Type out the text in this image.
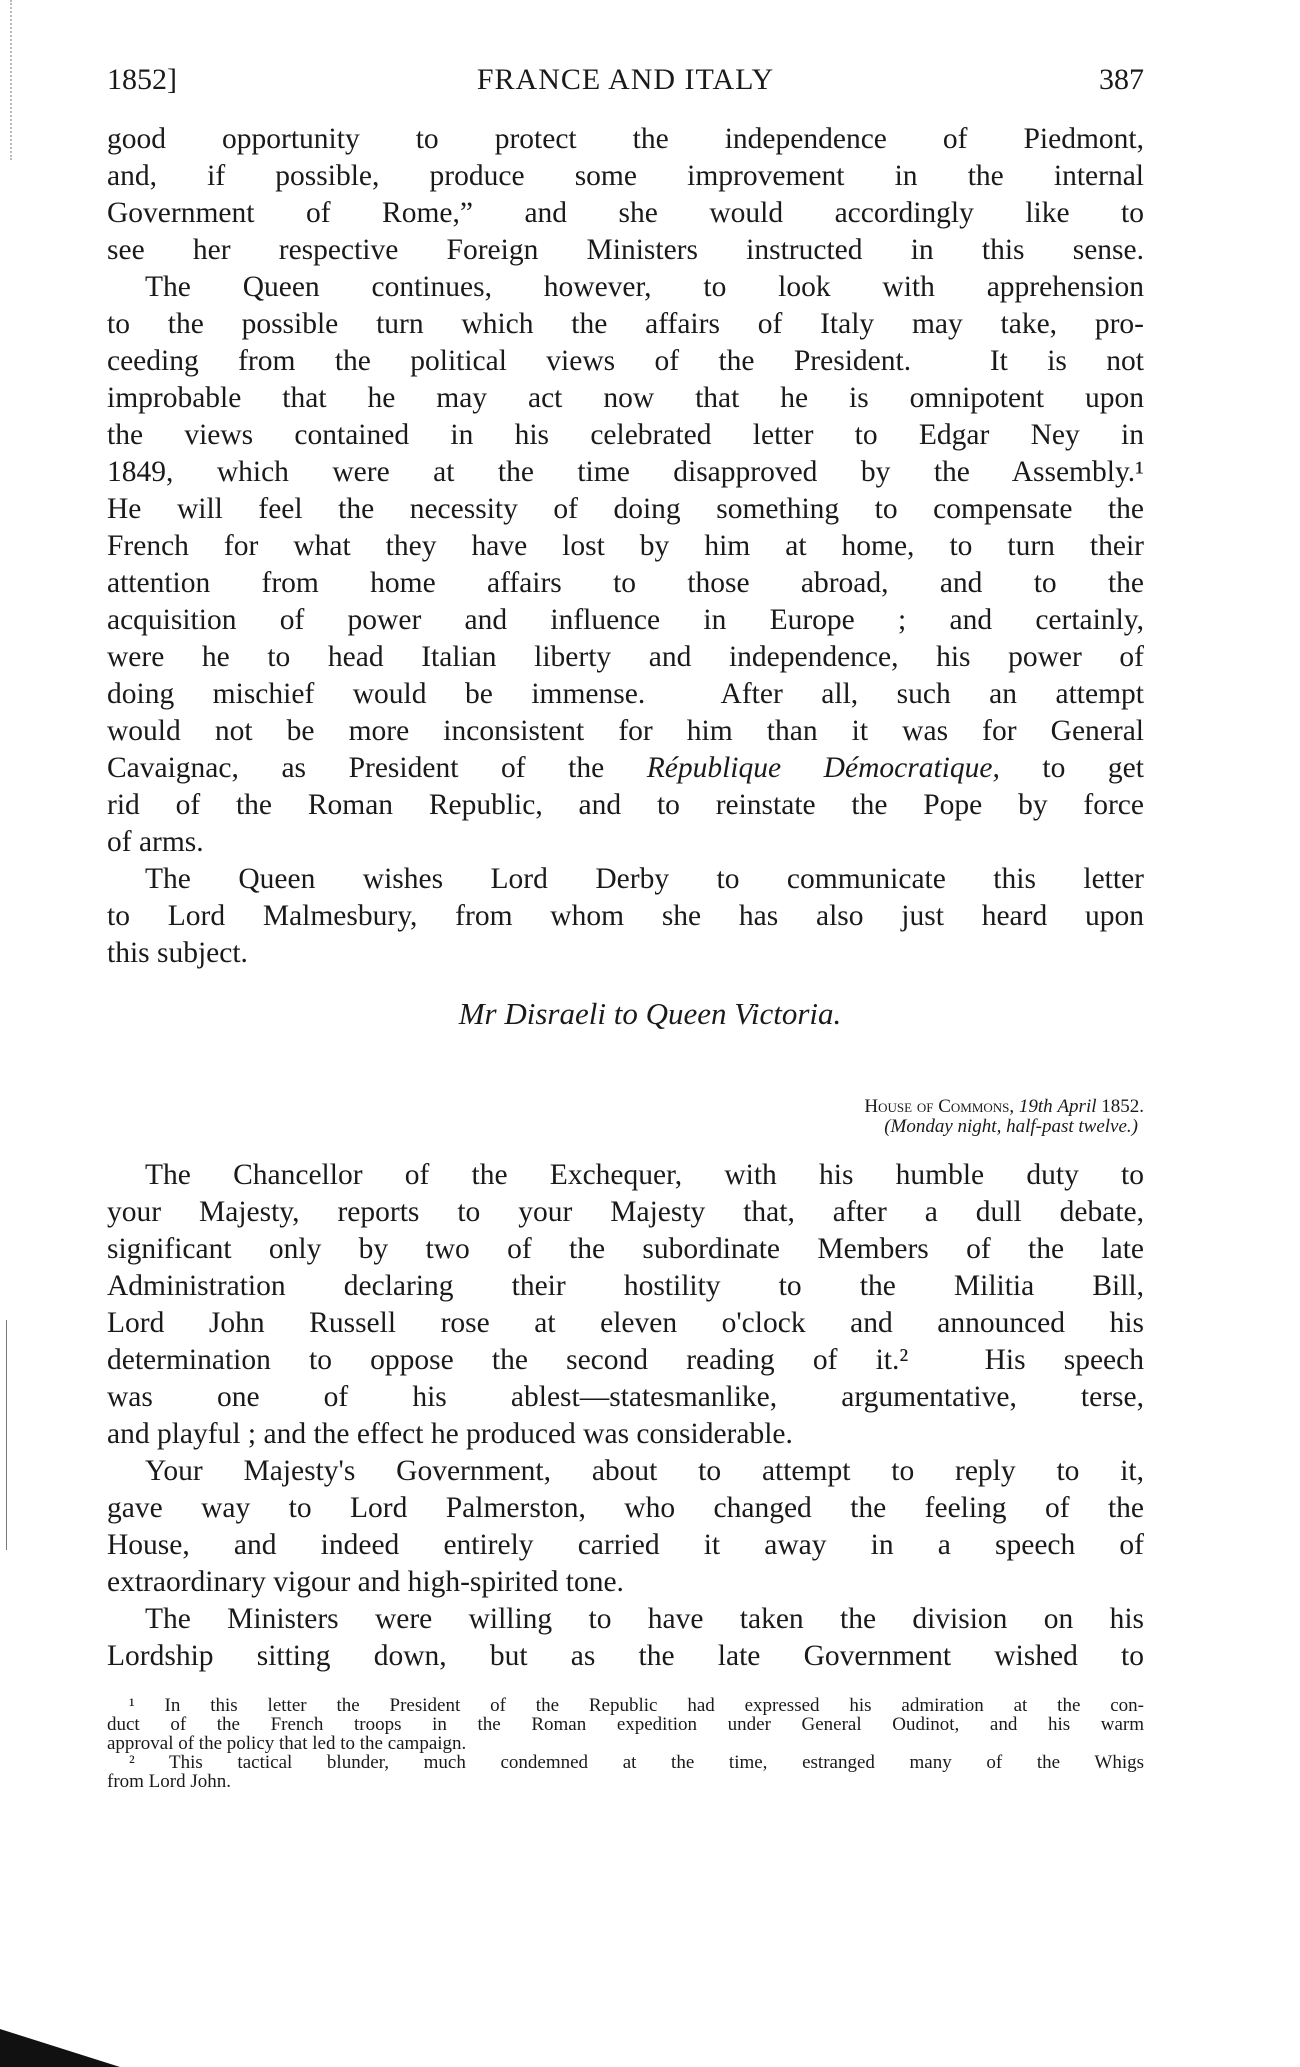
1852]	FRANCE AND ITALY	387
good opportunity to protect the independence of Piedmont,
and, if possible, produce some improvement in the internal
Government of Rome,” and she would accordingly like to
see her respective Foreign Ministers instructed in this sense.
The Queen continues, however, to look with apprehension
to the possible turn which the affairs of Italy may take, pro-
ceeding from the political views of the President.  It is not
improbable that he may act now that he is omnipotent upon
the views contained in his celebrated letter to Edgar Ney in
1849, which were at the time disapproved by the Assembly.¹
He will feel the necessity of doing something to compensate the
French for what they have lost by him at home, to turn their
attention from home affairs to those abroad, and to the
acquisition of power and influence in Europe ; and certainly,
were he to head Italian liberty and independence, his power of
doing mischief would be immense.  After all, such an attempt
would not be more inconsistent for him than it was for General
Cavaignac, as President of the République Démocratique, to get
rid of the Roman Republic, and to reinstate the Pope by force
of arms.
The Queen wishes Lord Derby to communicate this letter
to Lord Malmesbury, from whom she has also just heard upon
this subject.
Mr Disraeli to Queen Victoria.
House of Commons, 19th April 1852.
(Monday night, half-past twelve.)
The Chancellor of the Exchequer, with his humble duty to
your Majesty, reports to your Majesty that, after a dull debate,
significant only by two of the subordinate Members of the late
Administration declaring their hostility to the Militia Bill,
Lord John Russell rose at eleven o'clock and announced his
determination to oppose the second reading of it.²  His speech
was one of his ablest—statesmanlike, argumentative, terse,
and playful ; and the effect he produced was considerable.
Your Majesty's Government, about to attempt to reply to it,
gave way to Lord Palmerston, who changed the feeling of the
House, and indeed entirely carried it away in a speech of
extraordinary vigour and high-spirited tone.
The Ministers were willing to have taken the division on his
Lordship sitting down, but as the late Government wished to
¹ In this letter the President of the Republic had expressed his admiration at the con-
duct of the French troops in the Roman expedition under General Oudinot, and his warm
approval of the policy that led to the campaign.
² This tactical blunder, much condemned at the time, estranged many of the Whigs
from Lord John.
